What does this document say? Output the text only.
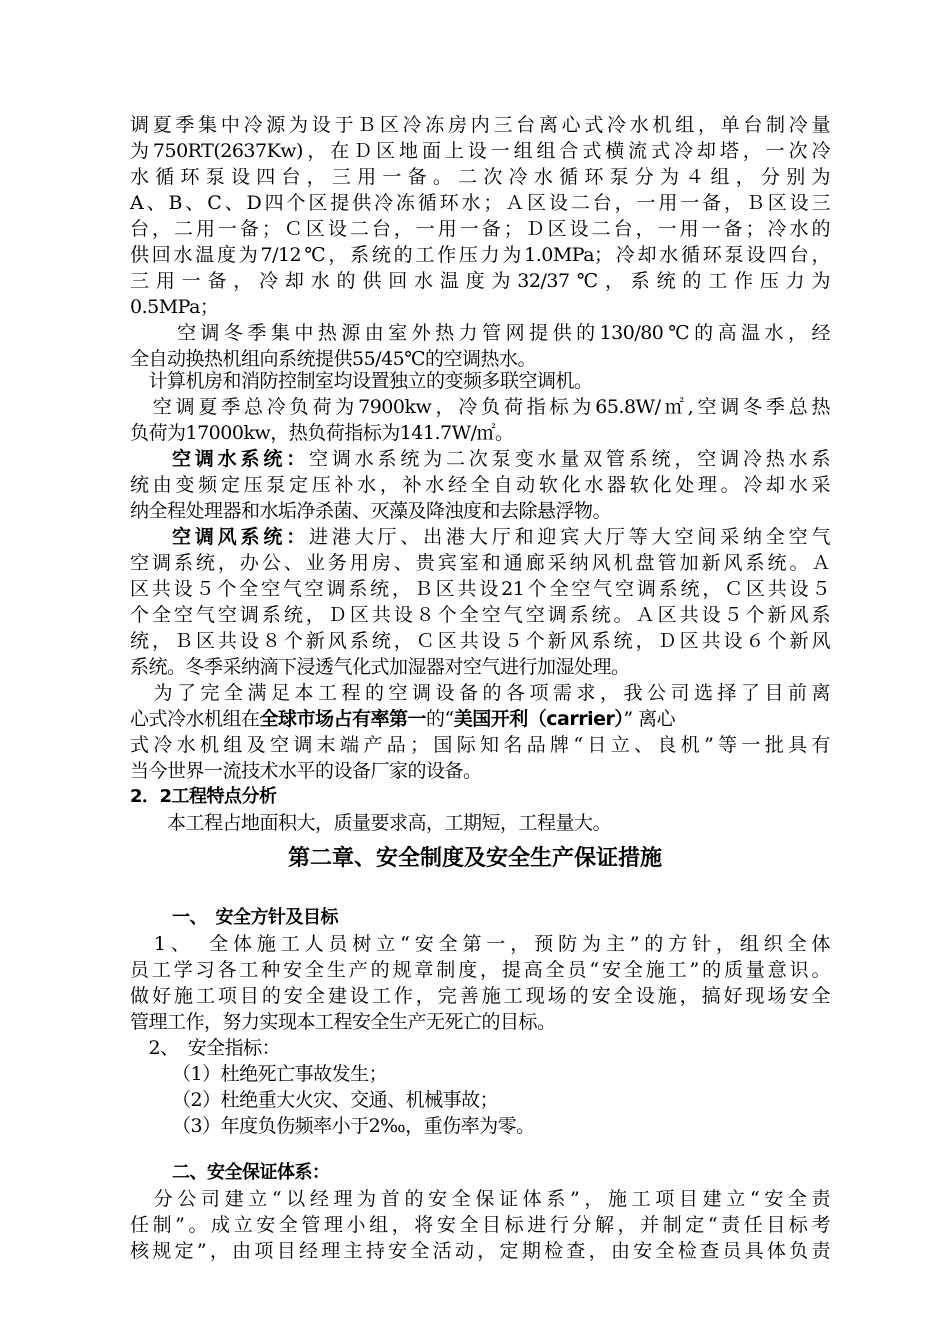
调夏季集中冷源为设于Ｂ区冷冻房内三台离心式冷水机组，单台制冷量
为750RT(2637Kw)，在Ｄ区地面上设一组组合式横流式冷却塔，一次冷
水循环泵设四台，三用一备。二次冷水循环泵分为４组，分别为
A、B、C、D四个区提供冷冻循环水；Ａ区设二台，一用一备，Ｂ区设三
台，二用一备；Ｃ区设二台，一用一备；Ｄ区设二台，一用一备；冷水的
供回水温度为7/12℃，系统的工作压力为1.0MPa；冷却水循环泵设四台，
三用一备，冷却水的供回水温度为32/37℃，系统的工作压力为
0.5MPa；
　　空调冬季集中热源由室外热力管网提供的130/80℃的高温水，经
全自动换热机组向系统提供55/45℃的空调热水。
　计算机房和消防控制室均设置独立的变频多联空调机。
　空调夏季总冷负荷为7900kw，冷负荷指标为65.8W/㎡,空调冬季总热
负荷为17000kw，热负荷指标为141.7W/㎡。
空调水系统：空调水系统为二次泵变水量双管系统，空调冷热水系
统由变频定压泵定压补水，补水经全自动软化水器软化处理。冷却水采
纳全程处理器和水垢净杀菌、灭藻及降浊度和去除悬浮物。
空调风系统：进港大厅、出港大厅和迎宾大厅等大空间采纳全空气
空调系统，办公、业务用房、贵宾室和通廊采纳风机盘管加新风系统。Ａ
区共设５个全空气空调系统，Ｂ区共设21个全空气空调系统，Ｃ区共设５
个全空气空调系统，Ｄ区共设８个全空气空调系统。Ａ区共设５个新风系
统，Ｂ区共设８个新风系统，Ｃ区共设５个新风系统，Ｄ区共设６个新风
系统。冬季采纳滴下浸透气化式加湿器对空气进行加湿处理。
　为了完全满足本工程的空调设备的各项需求，我公司选择了目前离
心式冷水机组在全球市场占有率第一的“美国开利（carrier）” 离心
式冷水机组及空调末端产品；国际知名品牌“日立、良机”等一批具有
当今世界一流技术水平的设备厂家的设备。
2．2工程特点分析
　　本工程占地面积大，质量要求高，工期短，工程量大。
第二章、安全制度及安全生产保证措施
一、　安全方针及目标
　1、　全体施工人员树立“安全第一，预防为主”的方针，组织全体
员工学习各工种安全生产的规章制度，提高全员“安全施工”的质量意识。
做好施工项目的安全建设工作，完善施工现场的安全设施，搞好现场安全
管理工作，努力实现本工程安全生产无死亡的目标。
　2、　安全指标：
（1）杜绝死亡事故发生；
（2）杜绝重大火灾、交通、机械事故；
（3）年度负伤频率小于2‰，重伤率为零。
二、安全保证体系：
　分公司建立“以经理为首的安全保证体系”，施工项目建立“安全责
任制”。成立安全管理小组，将安全目标进行分解，并制定“责任目标考
核规定”，由项目经理主持安全活动，定期检查，由安全检查员具体负责
